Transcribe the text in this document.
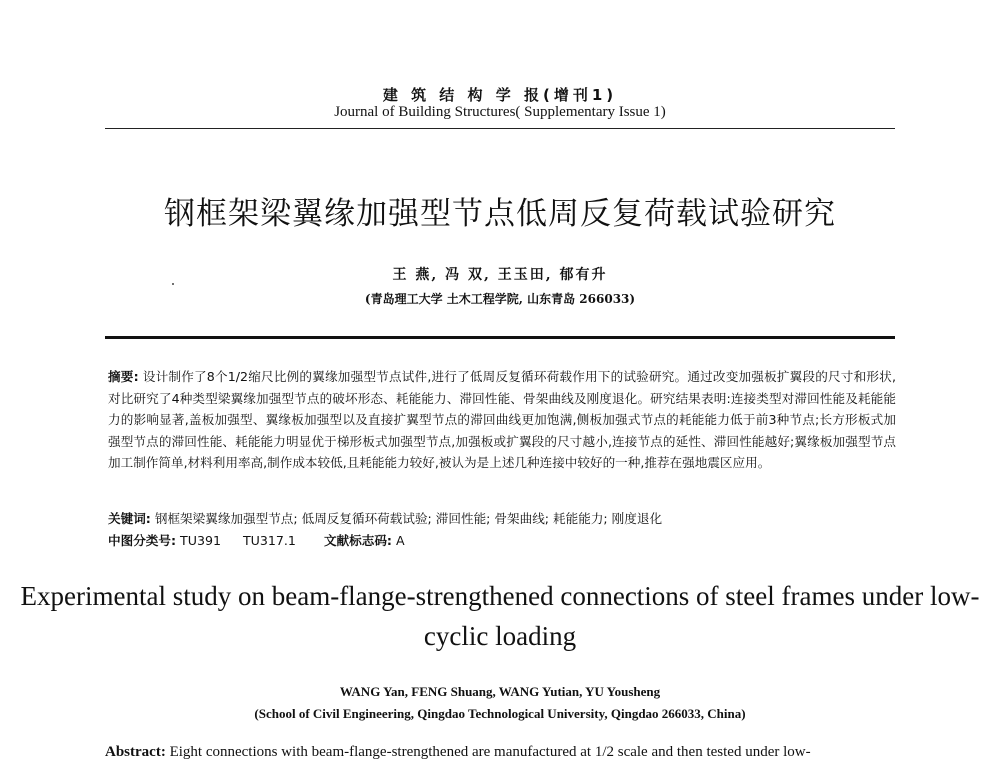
建 筑 结 构 学 报(增刊1)
Journal of Building Structures( Supplementary Issue 1)
钢框架梁翼缘加强型节点低周反复荷载试验研究
王 燕, 冯 双, 王玉田, 郁有升
(青岛理工大学 土木工程学院, 山东青岛 266033)
摘要: 设计制作了8个1/2缩尺比例的翼缘加强型节点试件,进行了低周反复循环荷载作用下的试验研究。通过改变加强板扩翼段的尺寸和形状,对比研究了4种类型梁翼缘加强型节点的破坏形态、耗能能力、滞回性能、骨架曲线及刚度退化。研究结果表明:连接类型对滞回性能及耗能能力的影响显著,盖板加强型、翼缘板加强型以及直接扩翼型节点的滞回曲线更加饱满,侧板加强式节点的耗能能力低于前3种节点;长方形板式加强型节点的滞回性能、耗能能力明显优于梯形板式加强型节点,加强板或扩翼段的尺寸越小,连接节点的延性、滞回性能越好;翼缘板加强型节点加工制作简单,材料利用率高,制作成本较低,且耗能能力较好,被认为是上述几种连接中较好的一种,推荐在强地震区应用。
关键词: 钢框架梁翼缘加强型节点; 低周反复循环荷载试验; 滞回性能; 骨架曲线; 耗能能力; 刚度退化
中图分类号: TU391 TU317.1 文献标志码: A
Experimental study on beam-flange-strengthened connections of steel frames under low-cyclic loading
WANG Yan, FENG Shuang, WANG Yutian, YU Yousheng
(School of Civil Engineering, Qingdao Technological University, Qingdao 266033, China)
Abstract: Eight connections with beam-flange-strengthened are manufactured at 1/2 scale and then tested under low-
